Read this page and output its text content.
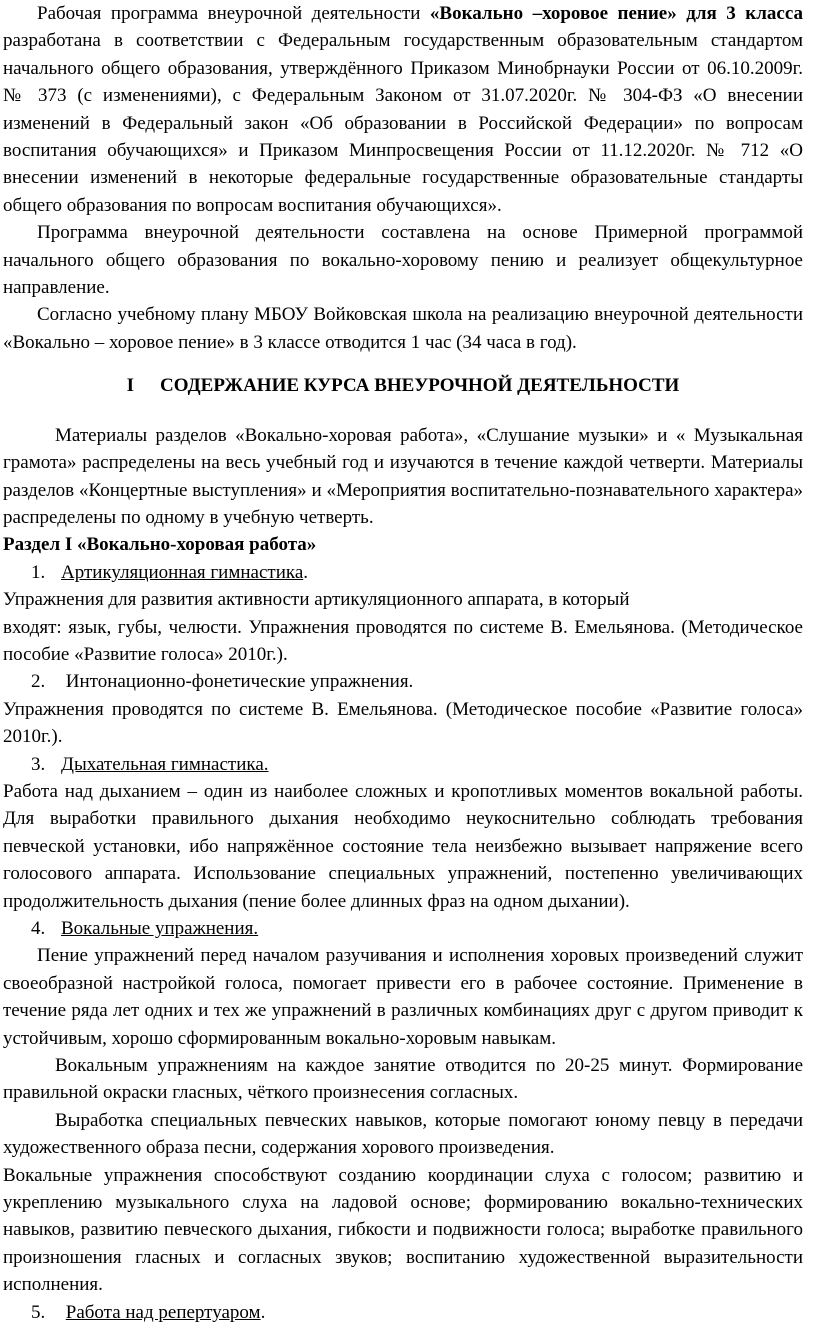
Рабочая программа внеурочной деятельности «Вокально –хоровое пение» для 3 класса разработана в соответствии с Федеральным государственным образовательным стандартом начального общего образования, утверждённого Приказом Минобрнауки России от 06.10.2009г. № 373 (с изменениями), с Федеральным Законом от 31.07.2020г. № 304-ФЗ «О внесении изменений в Федеральный закон «Об образовании в Российской Федерации» по вопросам воспитания обучающихся» и Приказом Минпросвещения России от 11.12.2020г. № 712 «О внесении изменений в некоторые федеральные государственные образовательные стандарты общего образования по вопросам воспитания обучающихся».

Программа внеурочной деятельности составлена на основе Примерной программой начального общего образования по вокально-хоровому пению и реализует общекультурное направление.

Согласно учебному плану МБОУ Войковская школа на реализацию внеурочной деятельности «Вокально – хоровое пение» в 3 классе отводится 1 час (34 часа в год).

I СОДЕРЖАНИЕ КУРСА ВНЕУРОЧНОЙ ДЕЯТЕЛЬНОСТИ

Материалы разделов «Вокально-хоровая работа», «Слушание музыки» и « Музыкальная грамота» распределены на весь учебный год и изучаются в течение каждой четверти. Материалы разделов «Концертные выступления» и «Мероприятия воспитательно-познавательного характера» распределены по одному в учебную четверть.

Раздел I «Вокально-хоровая работа»

1. Артикуляционная гимнастика.

Упражнения для развития активности артикуляционного аппарата, в который

входят: язык, губы, челюсти. Упражнения проводятся по системе В. Емельянова. (Методическое пособие «Развитие голоса» 2010г.).

2. Интонационно-фонетические упражнения.

Упражнения проводятся по системе В. Емельянова. (Методическое пособие «Развитие голоса» 2010г.).

3. Дыхательная гимнастика.

Работа над дыханием – один из наиболее сложных и кропотливых моментов вокальной работы. Для выработки правильного дыхания необходимо неукоснительно соблюдать требования певческой установки, ибо напряжённое состояние тела неизбежно вызывает напряжение всего голосового аппарата. Использование специальных упражнений, постепенно увеличивающих продолжительность дыхания (пение более длинных фраз на одном дыхании).

4. Вокальные упражнения.

Пение упражнений перед началом разучивания и исполнения хоровых произведений служит своеобразной настройкой голоса, помогает привести его в рабочее состояние. Применение в течение ряда лет одних и тех же упражнений в различных комбинациях друг с другом приводит к устойчивым, хорошо сформированным вокально-хоровым навыкам.

Вокальным упражнениям на каждое занятие отводится по 20-25 минут. Формирование правильной окраски гласных, чёткого произнесения согласных.

Выработка специальных певческих навыков, которые помогают юному певцу в передачи художественного образа песни, содержания хорового произведения.

Вокальные упражнения способствуют созданию координации слуха с голосом; развитию и укреплению музыкального слуха на ладовой основе; формированию вокально-технических навыков, развитию певческого дыхания, гибкости и подвижности голоса; выработке правильного произношения гласных и согласных звуков; воспитанию художественной выразительности исполнения.

5. Работа над репертуаром.
